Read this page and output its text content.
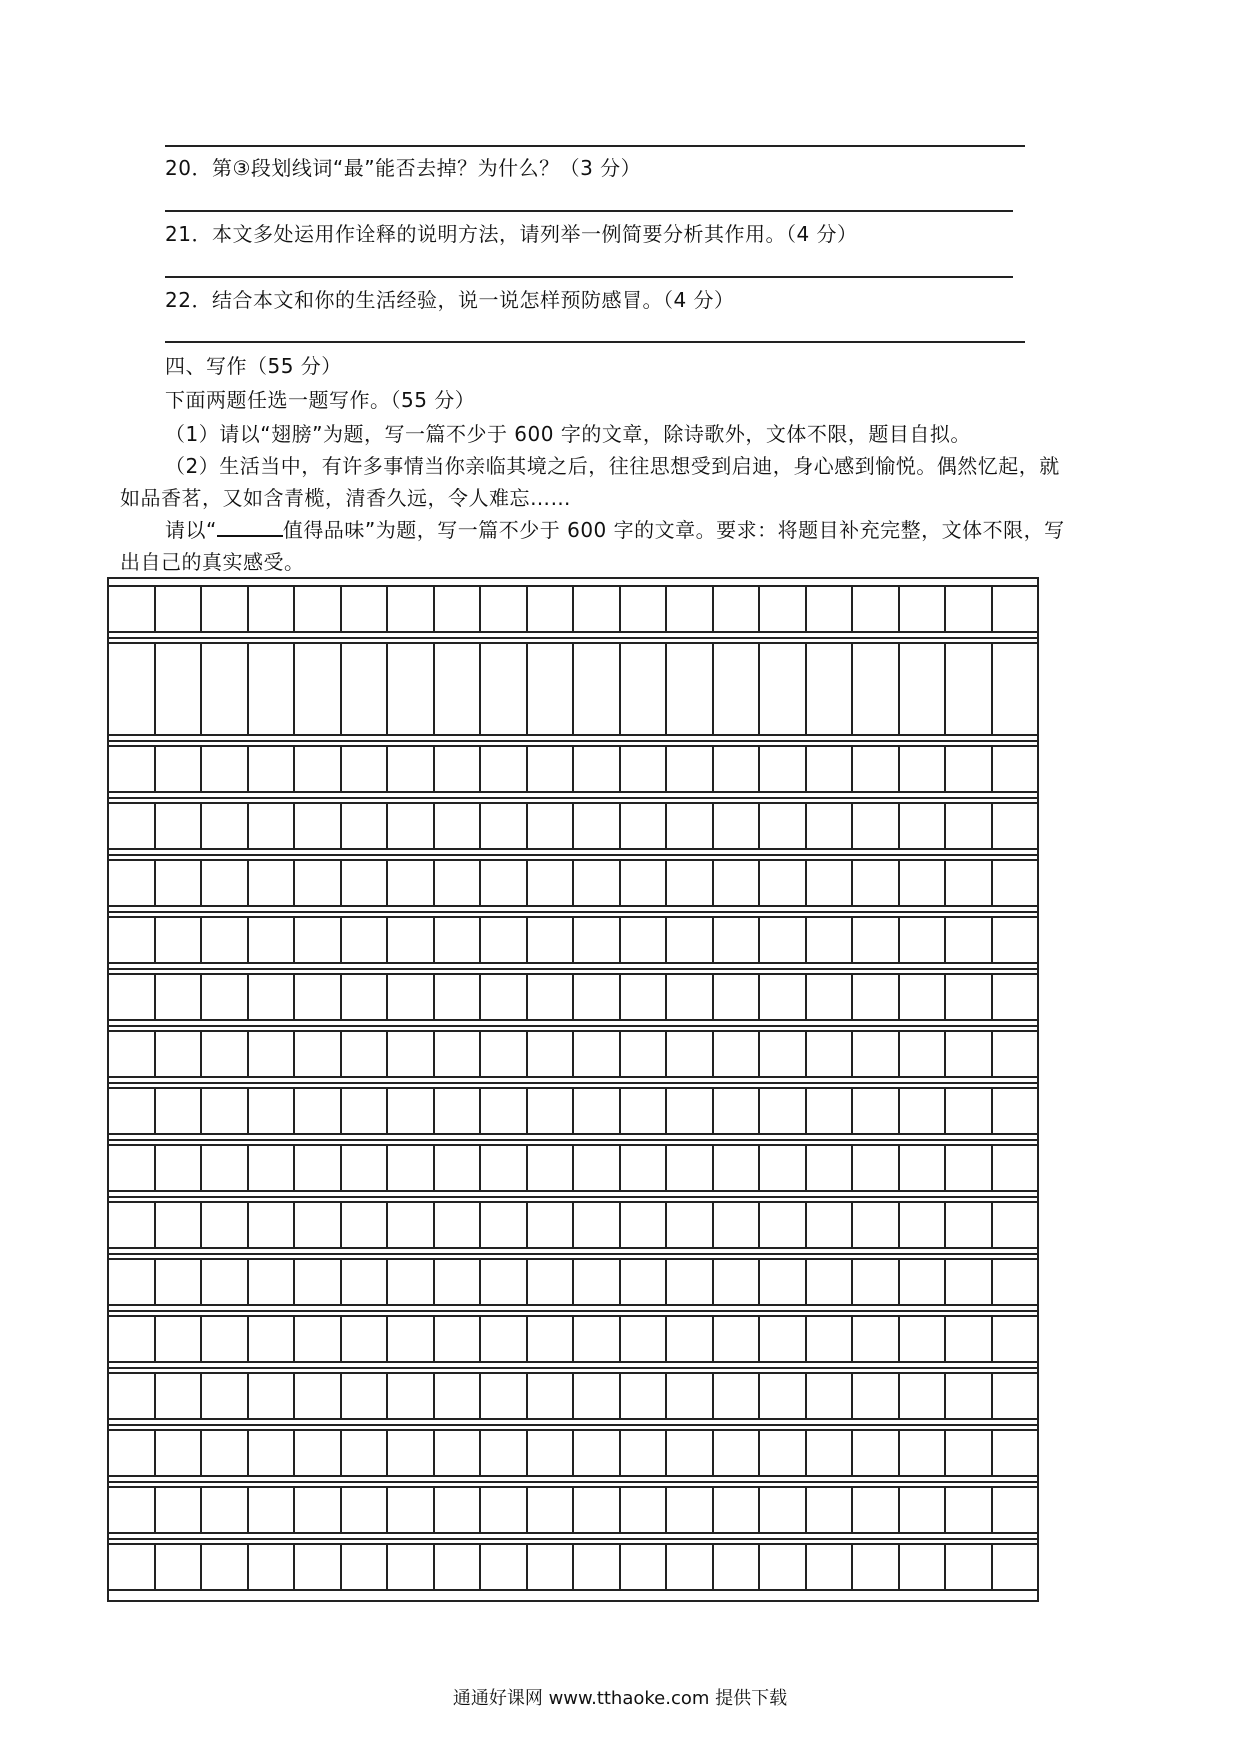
20．第③段划线词“最”能否去掉？为什么？（3 分）
21．本文多处运用作诠释的说明方法，请列举一例简要分析其作用。（4 分）
22．结合本文和你的生活经验，说一说怎样预防感冒。（4 分）
四、写作（55 分）
下面两题任选一题写作。（55 分）
（1）请以“翅膀”为题，写一篇不少于 600 字的文章，除诗歌外，文体不限，题目自拟。
（2）生活当中，有许多事情当你亲临其境之后，往往思想受到启迪，身心感到愉悦。偶然忆起，就
如品香茗，又如含青榄，清香久远，令人难忘……
请以“	值得品味”为题，写一篇不少于 600 字的文章。要求：将题目补充完整，文体不限，写
出自己的真实感受。
通通好课网 www.tthaoke.com 提供下载
